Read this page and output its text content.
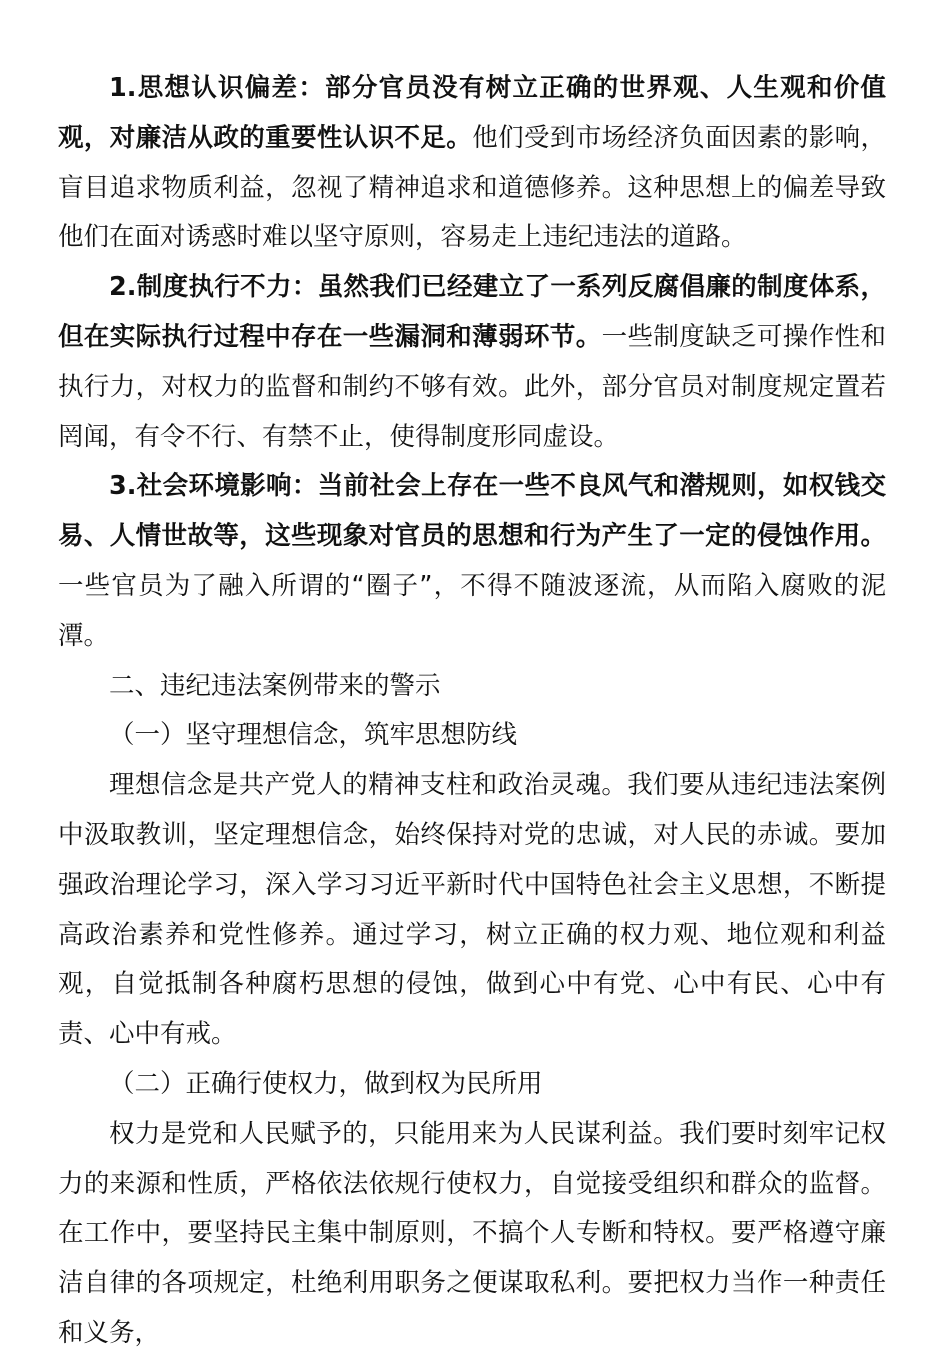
1.思想认识偏差：部分官员没有树立正确的世界观、人生观和价值观，对廉洁从政的重要性认识不足。他们受到市场经济负面因素的影响，盲目追求物质利益，忽视了精神追求和道德修养。这种思想上的偏差导致他们在面对诱惑时难以坚守原则，容易走上违纪违法的道路。

2.制度执行不力：虽然我们已经建立了一系列反腐倡廉的制度体系，但在实际执行过程中存在一些漏洞和薄弱环节。一些制度缺乏可操作性和执行力，对权力的监督和制约不够有效。此外，部分官员对制度规定置若罔闻，有令不行、有禁不止，使得制度形同虚设。

3.社会环境影响：当前社会上存在一些不良风气和潜规则，如权钱交易、人情世故等，这些现象对官员的思想和行为产生了一定的侵蚀作用。一些官员为了融入所谓的“圈子”，不得不随波逐流，从而陷入腐败的泥潭。

二、违纪违法案例带来的警示

（一）坚守理想信念，筑牢思想防线

理想信念是共产党人的精神支柱和政治灵魂。我们要从违纪违法案例中汲取教训，坚定理想信念，始终保持对党的忠诚，对人民的赤诚。要加强政治理论学习，深入学习习近平新时代中国特色社会主义思想，不断提高政治素养和党性修养。通过学习，树立正确的权力观、地位观和利益观，自觉抵制各种腐朽思想的侵蚀，做到心中有党、心中有民、心中有责、心中有戒。

（二）正确行使权力，做到权为民所用

权力是党和人民赋予的，只能用来为人民谋利益。我们要时刻牢记权力的来源和性质，严格依法依规行使权力，自觉接受组织和群众的监督。在工作中，要坚持民主集中制原则，不搞个人专断和特权。要严格遵守廉洁自律的各项规定，杜绝利用职务之便谋取私利。要把权力当作一种责任和义务，
